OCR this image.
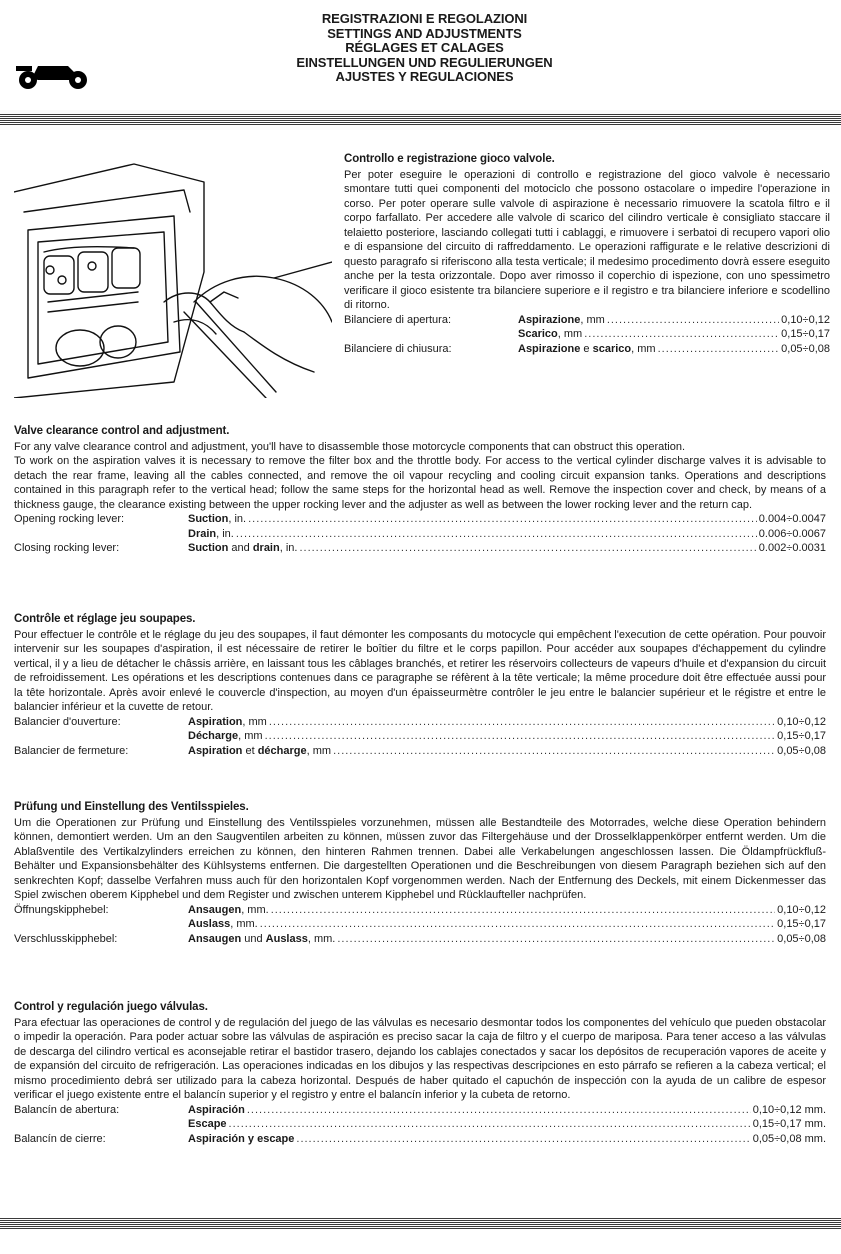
REGISTRAZIONI E REGOLAZIONI
SETTINGS AND ADJUSTMENTS
RÉGLAGES ET CALAGES
EINSTELLUNGEN UND REGULIERUNGEN
AJUSTES Y REGULACIONES
Controllo e registrazione gioco valvole.

Per poter eseguire le operazioni di controllo e registrazione del gioco valvole è necessario smontare tutti quei componenti del motociclo che possono ostacolare o impedire l'operazione in corso. Per poter operare sulle valvole di aspirazione è necessario rimuovere la scatola filtro e il corpo farfallato. Per accedere alle valvole di scarico del cilindro verticale è consigliato staccare il telaietto posteriore, lasciando collegati tutti i cablaggi, e rimuovere i serbatoi di recupero vapori olio e di espansione del circuito di raffreddamento. Le operazioni raffigurate e le relative descrizioni di questo paragrafo si riferiscono alla testa verticale; il medesimo procedimento dovrà essere eseguito anche per la testa orizzontale. Dopo aver rimosso il coperchio di ispezione, con uno spessimetro verificare il gioco esistente tra bilanciere superiore e il registro e tra bilanciere inferiore e scodellino di ritorno.

Bilanciere di apertura:	Aspirazione, mm .....	0,10÷0,12
Scarico, mm .....	0,15÷0,17
Bilanciere di chiusura:	Aspirazione e scarico, mm .....	0,05÷0,08
Valve clearance control and adjustment.

For any valve clearance control and adjustment, you'll have to disassemble those motorcycle components that can obstruct this operation.

To work on the aspiration valves it is necessary to remove the filter box and the throttle body. For access to the vertical cylinder discharge valves it is advisable to detach the rear frame, leaving all the cables connected, and remove the oil vapour recycling and cooling circuit expansion tanks. Operations and descriptions contained in this paragraph refer to the vertical head; follow the same steps for the horizontal head as well. Remove the inspection cover and check, by means of a thickness gauge, the clearance existing between the upper rocking lever and the adjuster as well as between the lower rocking lever and the return cap.

Opening rocking lever:	Suction, in. .....	0.004÷0.0047
Drain, in. .....	0.006÷0.0067
Closing rocking lever:	Suction and drain, in. .....	0.002÷0.0031
Contrôle et réglage jeu soupapes.

Pour effectuer le contrôle et le réglage du jeu des soupapes, il faut démonter les composants du motocycle qui empêchent l'execution de cette opération. Pour pouvoir intervenir sur les soupapes d'aspiration, il est nécessaire de retirer le boîtier du filtre et le corps papillon. Pour accéder aux soupapes d'échappement du cylindre vertical, il y a lieu de détacher le châssis arrière, en laissant tous les câblages branchés, et retirer les réservoirs collecteurs de vapeurs d'huile et d'expansion du circuit de refroidissement. Les opérations et les descriptions contenues dans ce paragraphe se réfèrent à la tête verticale; la même procedure doit être effectuée aussi pour la tête horizontale. Après avoir enlevé le couvercle d'inspection, au moyen d'un épaisseurmètre contrôler le jeu entre le balancier supérieur et le régistre et entre le balancier inférieur et la cuvette de retour.

Balancier d'ouverture:	Aspiration, mm .....	0,10÷0,12
Décharge, mm .....	0,15÷0,17
Balancier de fermeture:	Aspiration et décharge, mm .....	0,05÷0,08
Prüfung und Einstellung des Ventilsspieles.

Um die Operationen zur Prüfung und Einstellung des Ventilsspieles vorzunehmen, müssen alle Bestandteile des Motorrades, welche diese Operation behindern können, demontiert werden. Um an den Saugventilen arbeiten zu können, müssen zuvor das Filtergehäuse und der Drosselklappenkörper entfernt werden. Um die Ablaßventile des Vertikalzylinders erreichen zu können, den hinteren Rahmen trennen. Dabei alle Verkabelungen angeschlossen lassen. Die Öldampfrückfluß-Behälter und Expansionsbehälter des Kühlsystems entfernen. Die dargestellten Operationen und die Beschreibungen von diesem Paragraph beziehen sich auf den senkrechten Kopf; dasselbe Verfahren muss auch für den horizontalen Kopf vorgenommen werden. Nach der Entfernung des Deckels, mit einem Dickenmesser das Spiel zwischen oberem Kipphebel und dem Register und zwischen unterem Kipphebel und Rücklaufteller nachprüfen.

Öffnungskipphebel:	Ansaugen, mm. .....	0,10÷0,12
Auslass, mm. .....	0,15÷0,17
Verschlusskipphebel:	Ansaugen und Auslass, mm. .....	0,05÷0,08
Control y regulación juego válvulas.

Para efectuar las operaciones de control y de regulación del juego de las válvulas es necesario desmontar todos los componentes del vehículo que pueden obstacolar o impedir la operación. Para poder actuar sobre las válvulas de aspiración es preciso sacar la caja de filtro y el cuerpo de mariposa. Para tener acceso a las válvulas de descarga del cilindro vertical es aconsejable retirar el bastidor trasero, dejando los cablajes conectados y sacar los depósitos de recuperación vapores de aceite y de expansión del circuito de refrigeración. Las operaciones indicadas en los dibujos y las respectivas descripciones en esto párrafo se refieren a la cabeza vertical; el mismo procedimiento debrá ser utilizado para la cabeza horizontal. Después de haber quitado el capuchón de inspección con la ayuda de un calibre de espesor verificar el juego existente entre el balancín superior y el registro y entre el balancín inferior y la cubeta de retorno.

Balancín de abertura:	Aspiración .....	0,10÷0,12 mm.
Escape .....	0,15÷0,17 mm.
Balancín de cierre:	Aspiración y escape .....	0,05÷0,08 mm.
